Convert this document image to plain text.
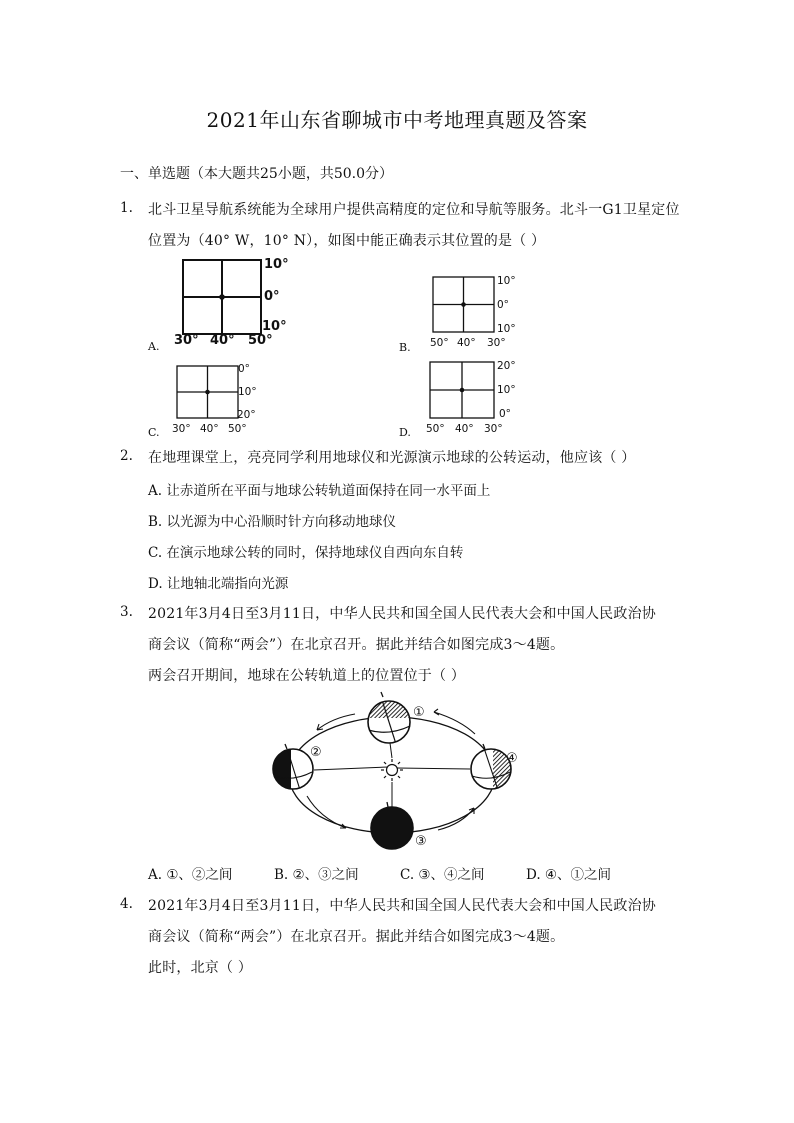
2021年山东省聊城市中考地理真题及答案
一、单选题（本大题共25小题，共50.0分）
1. 北斗卫星导航系统能为全球用户提供高精度的定位和导航等服务。北斗一G1卫星定位
位置为（40° W，10° N），如图中能正确表示其位置的是（ ）
10°
0°
10°
30° 40° 50°
A.
10°
0°
10°
50° 40° 30°
B.
0°
10°
20°
30° 40° 50°
C.
20°
10°
0°
50° 40° 30°
D.
2. 在地理课堂上，亮亮同学利用地球仪和光源演示地球的公转运动，他应该（ ）
A. 让赤道所在平面与地球公转轨道面保持在同一水平面上
B. 以光源为中心沿顺时针方向移动地球仪
C. 在演示地球公转的同时，保持地球仪自西向东自转
D. 让地轴北端指向光源
3. 2021年3月4日至3月11日，中华人民共和国全国人民代表大会和中国人民政治协
商会议（简称“两会”）在北京召开。据此并结合如图完成3～4题。
两会召开期间，地球在公转轨道上的位置位于（ ）
①
②	④
③
A. ①、②之间	B. ②、③之间	C. ③、④之间	D. ④、①之间
4. 2021年3月4日至3月11日，中华人民共和国全国人民代表大会和中国人民政治协
商会议（简称“两会”）在北京召开。据此并结合如图完成3～4题。
此时，北京（ ）
